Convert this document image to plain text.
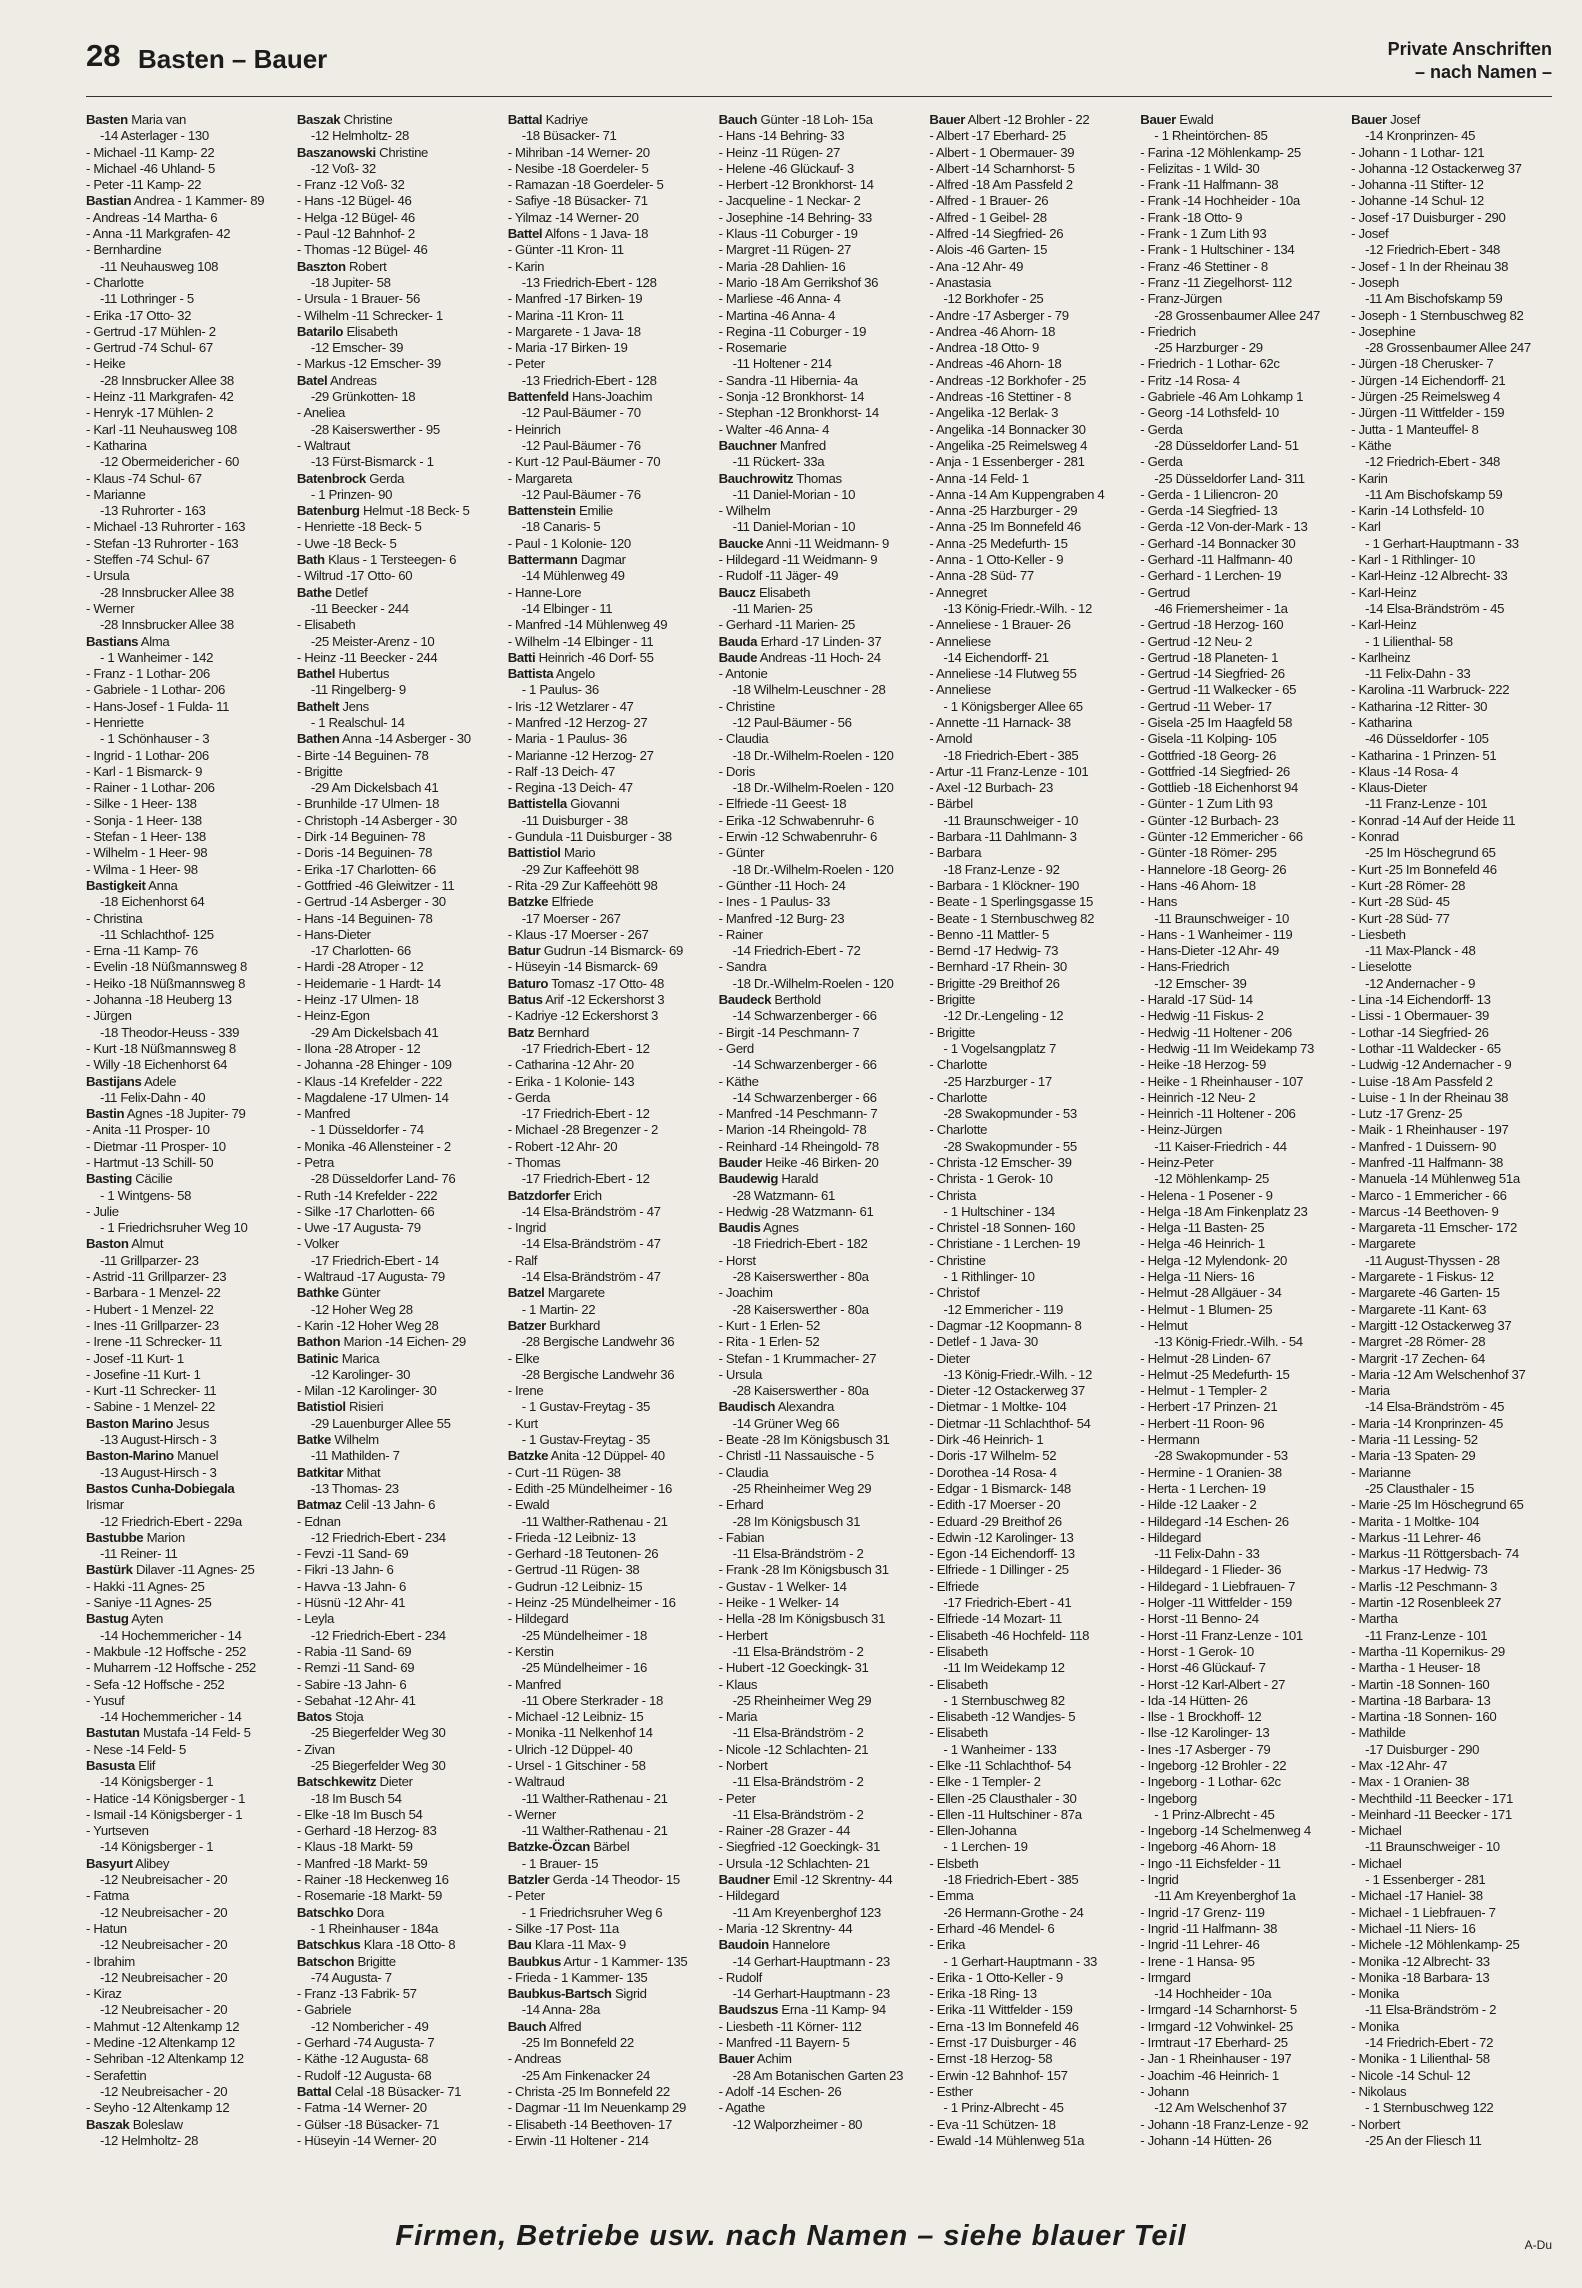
28 Basten – Bauer	Private Anschriften
– nach Namen –
Basten Maria van
-14 Asterlager - 130
- Michael -11 Kamp- 22
- Michael -46 Uhland- 5
- Peter -11 Kamp- 22
Bastian Andrea - 1 Kammer- 89
- Andreas -14 Martha- 6
- Anna -11 Markgrafen- 42
- Bernhardine
-11 Neuhausweg 108
- Charlotte
-11 Lothringer - 5
- Erika -17 Otto- 32
- Gertrud -17 Mühlen- 2
- Gertrud -74 Schul- 67
- Heike
-28 Innsbrucker Allee 38
- Heinz -11 Markgrafen- 42
- Henryk -17 Mühlen- 2
- Karl -11 Neuhausweg 108
- Katharina
-12 Obermeidericher - 60
- Klaus -74 Schul- 67
- Marianne
-13 Ruhrorter - 163
- Michael -13 Ruhrorter - 163
- Stefan -13 Ruhrorter - 163
- Steffen -74 Schul- 67
- Ursula
-28 Innsbrucker Allee 38
- Werner
-28 Innsbrucker Allee 38
Bastians Alma
- 1 Wanheimer - 142
- Franz - 1 Lothar- 206
- Gabriele - 1 Lothar- 206
- Hans-Josef - 1 Fulda- 11
- Henriette
- 1 Schönhauser - 3
- Ingrid - 1 Lothar- 206
- Karl - 1 Bismarck- 9
- Rainer - 1 Lothar- 206
- Silke - 1 Heer- 138
- Sonja - 1 Heer- 138
- Stefan - 1 Heer- 138
- Wilhelm - 1 Heer- 98
- Wilma - 1 Heer- 98
Bastigkeit Anna
-18 Eichenhorst 64
- Christina
-11 Schlachthof- 125
- Erna -11 Kamp- 76
- Evelin -18 Nüßmannsweg 8
- Heiko -18 Nüßmannsweg 8
- Johanna -18 Heuberg 13
- Jürgen
-18 Theodor-Heuss - 339
- Kurt -18 Nüßmannsweg 8
- Willy -18 Eichenhorst 64
Bastijans Adele
-11 Felix-Dahn - 40
Bastin Agnes -18 Jupiter- 79
- Anita -11 Prosper- 10
- Dietmar -11 Prosper- 10
- Hartmut -13 Schill- 50
Basting Cäcilie
- 1 Wintgens- 58
- Julie
- 1 Friedrichsruher Weg 10
Baston Almut
-11 Grillparzer- 23
- Astrid -11 Grillparzer- 23
- Barbara - 1 Menzel- 22
- Hubert - 1 Menzel- 22
- Ines -11 Grillparzer- 23
- Irene -11 Schrecker- 11
- Josef -11 Kurt- 1
- Josefine -11 Kurt- 1
- Kurt -11 Schrecker- 11
- Sabine - 1 Menzel- 22
Baston Marino Jesus
-13 August-Hirsch - 3
Baston-Marino Manuel
-13 August-Hirsch - 3
Bastos Cunha-Dobiegala
Irismar
-12 Friedrich-Ebert - 229a
Bastubbe Marion
-11 Reiner- 11
Bastürk Dilaver -11 Agnes- 25
- Hakki -11 Agnes- 25
- Saniye -11 Agnes- 25
Bastug Ayten
-14 Hochemmericher - 14
- Makbule -12 Hoffsche - 252
- Muharrem -12 Hoffsche - 252
- Sefa -12 Hoffsche - 252
- Yusuf
-14 Hochemmericher - 14
Bastutan Mustafa -14 Feld- 5
- Nese -14 Feld- 5
Basusta Elif
-14 Königsberger - 1
- Hatice -14 Königsberger - 1
- Ismail -14 Königsberger - 1
- Yurtseven
-14 Königsberger - 1
Basyurt Alibey
-12 Neubreisacher - 20
- Fatma
-12 Neubreisacher - 20
- Hatun
-12 Neubreisacher - 20
- Ibrahim
-12 Neubreisacher - 20
- Kiraz
-12 Neubreisacher - 20
- Mahmut -12 Altenkamp 12
- Medine -12 Altenkamp 12
- Sehriban -12 Altenkamp 12
- Serafettin
-12 Neubreisacher - 20
- Seyho -12 Altenkamp 12
Baszak Boleslaw
-12 Helmholtz- 28
Baszak Christine
-12 Helmholtz- 28
Baszanowski Christine
-12 Voß- 32
- Franz -12 Voß- 32
- Hans -12 Bügel- 46
- Helga -12 Bügel- 46
- Paul -12 Bahnhof- 2
- Thomas -12 Bügel- 46
Baszton Robert
-18 Jupiter- 58
- Ursula - 1 Brauer- 56
- Wilhelm -11 Schrecker- 1
Batarilo Elisabeth
-12 Emscher- 39
- Markus -12 Emscher- 39
Batel Andreas
-29 Grünkotten- 18
- Aneliea
-28 Kaiserswerther - 95
- Waltraut
-13 Fürst-Bismarck - 1
Batenbrock Gerda
- 1 Prinzen- 90
Batenburg Helmut -18 Beck- 5
- Henriette -18 Beck- 5
- Uwe -18 Beck- 5
Bath Klaus - 1 Tersteegen- 6
- Wiltrud -17 Otto- 60
Bathe Detlef
-11 Beecker - 244
- Elisabeth
-25 Meister-Arenz - 10
- Heinz -11 Beecker - 244
Bathel Hubertus
-11 Ringelberg- 9
Bathelt Jens
- 1 Realschul- 14
Bathen Anna -14 Asberger - 30
- Birte -14 Beguinen- 78
- Brigitte
-29 Am Dickelsbach 41
- Brunhilde -17 Ulmen- 18
- Christoph -14 Asberger - 30
- Dirk -14 Beguinen- 78
- Doris -14 Beguinen- 78
- Erika -17 Charlotten- 66
- Gottfried -46 Gleiwitzer - 11
- Gertrud -14 Asberger - 30
- Hans -14 Beguinen- 78
- Hans-Dieter
-17 Charlotten- 66
- Hardi -28 Atroper - 12
- Heidemarie - 1 Hardt- 14
- Heinz -17 Ulmen- 18
- Heinz-Egon
-29 Am Dickelsbach 41
- Ilona -28 Atroper - 12
- Johanna -28 Ehinger - 109
- Klaus -14 Krefelder - 222
- Magdalene -17 Ulmen- 14
- Manfred
- 1 Düsseldorfer - 74
- Monika -46 Allensteiner - 2
- Petra
-28 Düsseldorfer Land- 76
- Ruth -14 Krefelder - 222
- Silke -17 Charlotten- 66
- Uwe -17 Augusta- 79
- Volker
-17 Friedrich-Ebert - 14
- Waltraud -17 Augusta- 79
Bathke Günter
-12 Hoher Weg 28
- Karin -12 Hoher Weg 28
Bathon Marion -14 Eichen- 29
Batinic Marica
-12 Karolinger- 30
- Milan -12 Karolinger- 30
Batistiol Risieri
-29 Lauenburger Allee 55
Batke Wilhelm
-11 Mathilden- 7
Batkitar Mithat
-13 Thomas- 23
Batmaz Celil -13 Jahn- 6
- Ednan
-12 Friedrich-Ebert - 234
- Fevzi -11 Sand- 69
- Fikri -13 Jahn- 6
- Havva -13 Jahn- 6
- Hüsnü -12 Ahr- 41
- Leyla
-12 Friedrich-Ebert - 234
- Rabia -11 Sand- 69
- Remzi -11 Sand- 69
- Sabire -13 Jahn- 6
- Sebahat -12 Ahr- 41
Batos Stoja
-25 Biegerfelder Weg 30
- Zivan
-25 Biegerfelder Weg 30
Batschkewitz Dieter
-18 Im Busch 54
- Elke -18 Im Busch 54
- Gerhard -18 Herzog- 83
- Klaus -18 Markt- 59
- Manfred -18 Markt- 59
- Rainer -18 Heckenweg 16
- Rosemarie -18 Markt- 59
Batschko Dora
- 1 Rheinhauser - 184a
Batschkus Klara -18 Otto- 8
Batschon Brigitte
-74 Augusta- 7
- Franz -13 Fabrik- 57
- Gabriele
-12 Nombericher - 49
- Gerhard -74 Augusta- 7
- Käthe -12 Augusta- 68
- Rudolf -12 Augusta- 68
Battal Celal -18 Büsacker- 71
- Fatma -14 Werner- 20
- Gülser -18 Büsacker- 71
- Hüseyin -14 Werner- 20
Battal Kadriye
-18 Büsacker- 71
- Mihriban -14 Werner- 20
- Nesibe -18 Goerdeler- 5
- Ramazan -18 Goerdeler- 5
- Safiye -18 Büsacker- 71
- Yilmaz -14 Werner- 20
Battel Alfons - 1 Java- 18
- Günter -11 Kron- 11
- Karin
-13 Friedrich-Ebert - 128
- Manfred -17 Birken- 19
- Marina -11 Kron- 11
- Margarete - 1 Java- 18
- Maria -17 Birken- 19
- Peter
-13 Friedrich-Ebert - 128
Battenfeld Hans-Joachim
-12 Paul-Bäumer - 70
- Heinrich
-12 Paul-Bäumer - 76
- Kurt -12 Paul-Bäumer - 70
- Margareta
-12 Paul-Bäumer - 76
Battenstein Emilie
-18 Canaris- 5
- Paul - 1 Kolonie- 120
Battermann Dagmar
-14 Mühlenweg 49
- Hanne-Lore
-14 Elbinger - 11
- Manfred -14 Mühlenweg 49
- Wilhelm -14 Elbinger - 11
Batti Heinrich -46 Dorf- 55
Battista Angelo
- 1 Paulus- 36
- Iris -12 Wetzlarer - 47
- Manfred -12 Herzog- 27
- Maria - 1 Paulus- 36
- Marianne -12 Herzog- 27
- Ralf -13 Deich- 47
- Regina -13 Deich- 47
Battistella Giovanni
-11 Duisburger - 38
- Gundula -11 Duisburger - 38
Battistiol Mario
-29 Zur Kaffeehött 98
- Rita -29 Zur Kaffeehött 98
Batzke Elfriede
-17 Moerser - 267
- Klaus -17 Moerser - 267
Batur Gudrun -14 Bismarck- 69
- Hüseyin -14 Bismarck- 69
Baturo Tomasz -17 Otto- 48
Batus Arif -12 Eckershorst 3
- Kadriye -12 Eckershorst 3
Batz Bernhard
-17 Friedrich-Ebert - 12
- Catharina -12 Ahr- 20
- Erika - 1 Kolonie- 143
- Gerda
-17 Friedrich-Ebert - 12
- Michael -28 Bregenzer - 2
- Robert -12 Ahr- 20
- Thomas
-17 Friedrich-Ebert - 12
Batzdorfer Erich
-14 Elsa-Brändström - 47
- Ingrid
-14 Elsa-Brändström - 47
- Ralf
-14 Elsa-Brändström - 47
Batzel Margarete
- 1 Martin- 22
Batzer Burkhard
-28 Bergische Landwehr 36
- Elke
-28 Bergische Landwehr 36
- Irene
- 1 Gustav-Freytag - 35
- Kurt
- 1 Gustav-Freytag - 35
Batzke Anita -12 Düppel- 40
- Curt -11 Rügen- 38
- Edith -25 Mündelheimer - 16
- Ewald
-11 Walther-Rathenau - 21
- Frieda -12 Leibniz- 13
- Gerhard -18 Teutonen- 26
- Gertrud -11 Rügen- 38
- Gudrun -12 Leibniz- 15
- Heinz -25 Mündelheimer - 16
- Hildegard
-25 Mündelheimer - 18
- Kerstin
-25 Mündelheimer - 16
- Manfred
-11 Obere Sterkrader - 18
- Michael -12 Leibniz- 15
- Monika -11 Nelkenhof 14
- Ulrich -12 Düppel- 40
- Ursel - 1 Gitschiner - 58
- Waltraud
-11 Walther-Rathenau - 21
- Werner
-11 Walther-Rathenau - 21
Batzke-Özcan Bärbel
- 1 Brauer- 15
Batzler Gerda -14 Theodor- 15
- Peter
- 1 Friedrichsruher Weg 6
- Silke -17 Post- 11a
Bau Klara -11 Max- 9
Baubkus Artur - 1 Kammer- 135
- Frieda - 1 Kammer- 135
Baubkus-Bartsch Sigrid
-14 Anna- 28a
Bauch Alfred
-25 Im Bonnefeld 22
- Andreas
-25 Am Finkenacker 24
- Christa -25 Im Bonnefeld 22
- Dagmar -11 Im Neuenkamp 29
- Elisabeth -14 Beethoven- 17
- Erwin -11 Holtener - 214
Bauch Günter -18 Loh- 15a
- Hans -14 Behring- 33
- Heinz -11 Rügen- 27
- Helene -46 Glückauf- 3
- Herbert -12 Bronkhorst- 14
- Jacqueline - 1 Neckar- 2
- Josephine -14 Behring- 33
- Klaus -11 Coburger - 19
- Margret -11 Rügen- 27
- Maria -28 Dahlien- 16
- Mario -18 Am Gerrikshof 36
- Marliese -46 Anna- 4
- Martina -46 Anna- 4
- Regina -11 Coburger - 19
- Rosemarie
-11 Holtener - 214
- Sandra -11 Hibernia- 4a
- Sonja -12 Bronkhorst- 14
- Stephan -12 Bronkhorst- 14
- Walter -46 Anna- 4
Bauchner Manfred
-11 Rückert- 33a
Bauchrowitz Thomas
-11 Daniel-Morian - 10
- Wilhelm
-11 Daniel-Morian - 10
Baucke Anni -11 Weidmann- 9
- Hildegard -11 Weidmann- 9
- Rudolf -11 Jäger- 49
Baucz Elisabeth
-11 Marien- 25
- Gerhard -11 Marien- 25
Bauda Erhard -17 Linden- 37
Baude Andreas -11 Hoch- 24
- Antonie
-18 Wilhelm-Leuschner - 28
- Christine
-12 Paul-Bäumer - 56
- Claudia
-18 Dr.-Wilhelm-Roelen - 120
- Doris
-18 Dr.-Wilhelm-Roelen - 120
- Elfriede -11 Geest- 18
- Erika -12 Schwabenruhr- 6
- Erwin -12 Schwabenruhr- 6
- Günter
-18 Dr.-Wilhelm-Roelen - 120
- Günther -11 Hoch- 24
- Ines - 1 Paulus- 33
- Manfred -12 Burg- 23
- Rainer
-14 Friedrich-Ebert - 72
- Sandra
-18 Dr.-Wilhelm-Roelen - 120
Baudeck Berthold
-14 Schwarzenberger - 66
- Birgit -14 Peschmann- 7
- Gerd
-14 Schwarzenberger - 66
- Käthe
-14 Schwarzenberger - 66
- Manfred -14 Peschmann- 7
- Marion -14 Rheingold- 78
- Reinhard -14 Rheingold- 78
Bauder Heike -46 Birken- 20
Baudewig Harald
-28 Watzmann- 61
- Hedwig -28 Watzmann- 61
Baudis Agnes
-18 Friedrich-Ebert - 182
- Horst
-28 Kaiserswerther - 80a
- Joachim
-28 Kaiserswerther - 80a
- Kurt - 1 Erlen- 52
- Rita - 1 Erlen- 52
- Stefan - 1 Krummacher- 27
- Ursula
-28 Kaiserswerther - 80a
Baudisch Alexandra
-14 Grüner Weg 66
- Beate -28 Im Königsbusch 31
- Christl -11 Nassauische - 5
- Claudia
-25 Rheinheimer Weg 29
- Erhard
-28 Im Königsbusch 31
- Fabian
-11 Elsa-Brändström - 2
- Frank -28 Im Königsbusch 31
- Gustav - 1 Welker- 14
- Heike - 1 Welker- 14
- Hella -28 Im Königsbusch 31
- Herbert
-11 Elsa-Brändström - 2
- Hubert -12 Goeckingk- 31
- Klaus
-25 Rheinheimer Weg 29
- Maria
-11 Elsa-Brändström - 2
- Nicole -12 Schlachten- 21
- Norbert
-11 Elsa-Brändström - 2
- Peter
-11 Elsa-Brändström - 2
- Rainer -28 Grazer - 44
- Siegfried -12 Goeckingk- 31
- Ursula -12 Schlachten- 21
Baudner Emil -12 Skrentny- 44
- Hildegard
-11 Am Kreyenberghof 123
- Maria -12 Skrentny- 44
Baudoin Hannelore
-14 Gerhart-Hauptmann - 23
- Rudolf
-14 Gerhart-Hauptmann - 23
Baudszus Erna -11 Kamp- 94
- Liesbeth -11 Körner- 112
- Manfred -11 Bayern- 5
Bauer Achim
-28 Am Botanischen Garten 23
- Adolf -14 Eschen- 26
- Agathe
-12 Walporzheimer - 80
Bauer Albert -12 Brohler - 22
- Albert -17 Eberhard- 25
- Albert - 1 Obermauer- 39
- Albert -14 Scharnhorst- 5
- Alfred -18 Am Passfeld 2
- Alfred - 1 Brauer- 26
- Alfred - 1 Geibel- 28
- Alfred -14 Siegfried- 26
- Alois -46 Garten- 15
- Ana -12 Ahr- 49
- Anastasia
-12 Borkhofer - 25
- Andre -17 Asberger - 79
- Andrea -46 Ahorn- 18
- Andrea -18 Otto- 9
- Andreas -46 Ahorn- 18
- Andreas -12 Borkhofer - 25
- Andreas -16 Stettiner - 8
- Angelika -12 Berlak- 3
- Angelika -14 Bonnacker 30
- Angelika -25 Reimelsweg 4
- Anja - 1 Essenberger - 281
- Anna -14 Feld- 1
- Anna -14 Am Kuppengraben 4
- Anna -25 Harzburger - 29
- Anna -25 Im Bonnefeld 46
- Anna -25 Medefurth- 15
- Anna - 1 Otto-Keller - 9
- Anna -28 Süd- 77
- Annegret
-13 König-Friedr.-Wilh. - 12
- Anneliese - 1 Brauer- 26
- Anneliese
-14 Eichendorff- 21
- Anneliese -14 Flutweg 55
- Anneliese
- 1 Königsberger Allee 65
- Annette -11 Harnack- 38
- Arnold
-18 Friedrich-Ebert - 385
- Artur -11 Franz-Lenze - 101
- Axel -12 Burbach- 23
- Bärbel
-11 Braunschweiger - 10
- Barbara -11 Dahlmann- 3
- Barbara
-18 Franz-Lenze - 92
- Barbara - 1 Klöckner- 190
- Beate - 1 Sperlingsgasse 15
- Beate - 1 Sternbuschweg 82
- Benno -11 Mattler- 5
- Bernd -17 Hedwig- 73
- Bernhard -17 Rhein- 30
- Brigitte -29 Breithof 26
- Brigitte
-12 Dr.-Lengeling - 12
- Brigitte
- 1 Vogelsangplatz 7
- Charlotte
-25 Harzburger - 17
- Charlotte
-28 Swakopmunder - 53
- Charlotte
-28 Swakopmunder - 55
- Christa -12 Emscher- 39
- Christa - 1 Gerok- 10
- Christa
- 1 Hultschiner - 134
- Christel -18 Sonnen- 160
- Christiane - 1 Lerchen- 19
- Christine
- 1 Rithlinger- 10
- Christof
-12 Emmericher - 119
- Dagmar -12 Koopmann- 8
- Detlef - 1 Java- 30
- Dieter
-13 König-Friedr.-Wilh. - 12
- Dieter -12 Ostackerweg 37
- Dietmar - 1 Moltke- 104
- Dietmar -11 Schlachthof- 54
- Dirk -46 Heinrich- 1
- Doris -17 Wilhelm- 52
- Dorothea -14 Rosa- 4
- Edgar - 1 Bismarck- 148
- Edith -17 Moerser - 20
- Eduard -29 Breithof 26
- Edwin -12 Karolinger- 13
- Egon -14 Eichendorff- 13
- Elfriede - 1 Dillinger - 25
- Elfriede
-17 Friedrich-Ebert - 41
- Elfriede -14 Mozart- 11
- Elisabeth -46 Hochfeld- 118
- Elisabeth
-11 Im Weidekamp 12
- Elisabeth
- 1 Sternbuschweg 82
- Elisabeth -12 Wandjes- 5
- Elisabeth
- 1 Wanheimer - 133
- Elke -11 Schlachthof- 54
- Elke - 1 Templer- 2
- Ellen -25 Clausthaler - 30
- Ellen -11 Hultschiner - 87a
- Ellen-Johanna
- 1 Lerchen- 19
- Elsbeth
-18 Friedrich-Ebert - 385
- Emma
-26 Hermann-Grothe - 24
- Erhard -46 Mendel- 6
- Erika
- 1 Gerhart-Hauptmann - 33
- Erika - 1 Otto-Keller - 9
- Erika -18 Ring- 13
- Erika -11 Wittfelder - 159
- Erna -13 Im Bonnefeld 46
- Ernst -17 Duisburger - 46
- Ernst -18 Herzog- 58
- Erwin -12 Bahnhof- 157
- Esther
- 1 Prinz-Albrecht - 45
- Eva -11 Schützen- 18
- Ewald -14 Mühlenweg 51a
Bauer Ewald
- 1 Rheintörchen- 85
- Farina -12 Möhlenkamp- 25
- Felizitas - 1 Wild- 30
- Frank -11 Halfmann- 38
- Frank -14 Hochheider - 10a
- Frank -18 Otto- 9
- Frank - 1 Zum Lith 93
- Frank - 1 Hultschiner - 134
- Franz -46 Stettiner - 8
- Franz -11 Ziegelhorst- 112
- Franz-Jürgen
-28 Grossenbaumer Allee 247
- Friedrich
-25 Harzburger - 29
- Friedrich - 1 Lothar- 62c
- Fritz -14 Rosa- 4
- Gabriele -46 Am Lohkamp 1
- Georg -14 Lothsfeld- 10
- Gerda
-28 Düsseldorfer Land- 51
- Gerda
-25 Düsseldorfer Land- 311
- Gerda - 1 Liliencron- 20
- Gerda -14 Siegfried- 13
- Gerda -12 Von-der-Mark - 13
- Gerhard -14 Bonnacker 30
- Gerhard -11 Halfmann- 40
- Gerhard - 1 Lerchen- 19
- Gertrud
-46 Friemersheimer - 1a
- Gertrud -18 Herzog- 160
- Gertrud -12 Neu- 2
- Gertrud -18 Planeten- 1
- Gertrud -14 Siegfried- 26
- Gertrud -11 Walkecker - 65
- Gertrud -11 Weber- 17
- Gisela -25 Im Haagfeld 58
- Gisela -11 Kolping- 105
- Gottfried -18 Georg- 26
- Gottfried -14 Siegfried- 26
- Gottlieb -18 Eichenhorst 94
- Günter - 1 Zum Lith 93
- Günter -12 Burbach- 23
- Günter -12 Emmericher - 66
- Günter -18 Römer- 295
- Hannelore -18 Georg- 26
- Hans -46 Ahorn- 18
- Hans
-11 Braunschweiger - 10
- Hans - 1 Wanheimer - 119
- Hans-Dieter -12 Ahr- 49
- Hans-Friedrich
-12 Emscher- 39
- Harald -17 Süd- 14
- Hedwig -11 Fiskus- 2
- Hedwig -11 Holtener - 206
- Hedwig -11 Im Weidekamp 73
- Heike -18 Herzog- 59
- Heike - 1 Rheinhauser - 107
- Heinrich -12 Neu- 2
- Heinrich -11 Holtener - 206
- Heinz-Jürgen
-11 Kaiser-Friedrich - 44
- Heinz-Peter
-12 Möhlenkamp- 25
- Helena - 1 Posener - 9
- Helga -18 Am Finkenplatz 23
- Helga -11 Basten- 25
- Helga -46 Heinrich- 1
- Helga -12 Mylendonk- 20
- Helga -11 Niers- 16
- Helmut -28 Allgäuer - 34
- Helmut - 1 Blumen- 25
- Helmut
-13 König-Friedr.-Wilh. - 54
- Helmut -28 Linden- 67
- Helmut -25 Medefurth- 15
- Helmut - 1 Templer- 2
- Herbert -17 Prinzen- 21
- Herbert -11 Roon- 96
- Hermann
-28 Swakopmunder - 53
- Hermine - 1 Oranien- 38
- Herta - 1 Lerchen- 19
- Hilde -12 Laaker - 2
- Hildegard -14 Eschen- 26
- Hildegard
-11 Felix-Dahn - 33
- Hildegard - 1 Flieder- 36
- Hildegard - 1 Liebfrauen- 7
- Holger -11 Wittfelder - 159
- Horst -11 Benno- 24
- Horst -11 Franz-Lenze - 101
- Horst - 1 Gerok- 10
- Horst -46 Glückauf- 7
- Horst -12 Karl-Albert - 27
- Ida -14 Hütten- 26
- Ilse - 1 Brockhoff- 12
- Ilse -12 Karolinger- 13
- Ines -17 Asberger - 79
- Ingeborg -12 Brohler - 22
- Ingeborg - 1 Lothar- 62c
- Ingeborg
- 1 Prinz-Albrecht - 45
- Ingeborg -14 Schelmenweg 4
- Ingeborg -46 Ahorn- 18
- Ingo -11 Eichsfelder - 11
- Ingrid
-11 Am Kreyenberghof 1a
- Ingrid -17 Grenz- 119
- Ingrid -11 Halfmann- 38
- Ingrid -11 Lehrer- 46
- Irene - 1 Hansa- 95
- Irmgard
-14 Hochheider - 10a
- Irmgard -14 Scharnhorst- 5
- Irmgard -12 Vohwinkel- 25
- Irmtraut -17 Eberhard- 25
- Jan - 1 Rheinhauser - 197
- Joachim -46 Heinrich- 1
- Johann
-12 Am Welschenhof 37
- Johann -18 Franz-Lenze - 92
- Johann -14 Hütten- 26
Bauer Josef
-14 Kronprinzen- 45
- Johann - 1 Lothar- 121
- Johanna -12 Ostackerweg 37
- Johanna -11 Stifter- 12
- Johanne -14 Schul- 12
- Josef -17 Duisburger - 290
- Josef
-12 Friedrich-Ebert - 348
- Josef - 1 In der Rheinau 38
- Joseph
-11 Am Bischofskamp 59
- Joseph - 1 Sternbuschweg 82
- Josephine
-28 Grossenbaumer Allee 247
- Jürgen -18 Cherusker- 7
- Jürgen -14 Eichendorff- 21
- Jürgen -25 Reimelsweg 4
- Jürgen -11 Wittfelder - 159
- Jutta - 1 Manteuffel- 8
- Käthe
-12 Friedrich-Ebert - 348
- Karin
-11 Am Bischofskamp 59
- Karin -14 Lothsfeld- 10
- Karl
- 1 Gerhart-Hauptmann - 33
- Karl - 1 Rithlinger- 10
- Karl-Heinz -12 Albrecht- 33
- Karl-Heinz
-14 Elsa-Brändström - 45
- Karl-Heinz
- 1 Lilienthal- 58
- Karlheinz
-11 Felix-Dahn - 33
- Karolina -11 Warbruck- 222
- Katharina -12 Ritter- 30
- Katharina
-46 Düsseldorfer - 105
- Katharina - 1 Prinzen- 51
- Klaus -14 Rosa- 4
- Klaus-Dieter
-11 Franz-Lenze - 101
- Konrad -14 Auf der Heide 11
- Konrad
-25 Im Höschegrund 65
- Kurt -25 Im Bonnefeld 46
- Kurt -28 Römer- 28
- Kurt -28 Süd- 45
- Kurt -28 Süd- 77
- Liesbeth
-11 Max-Planck - 48
- Lieselotte
-12 Andernacher - 9
- Lina -14 Eichendorff- 13
- Lissi - 1 Obermauer- 39
- Lothar -14 Siegfried- 26
- Lothar -11 Waldecker - 65
- Ludwig -12 Andernacher - 9
- Luise -18 Am Passfeld 2
- Luise - 1 In der Rheinau 38
- Lutz -17 Grenz- 25
- Maik - 1 Rheinhauser - 197
- Manfred - 1 Duissern- 90
- Manfred -11 Halfmann- 38
- Manuela -14 Mühlenweg 51a
- Marco - 1 Emmericher - 66
- Marcus -14 Beethoven- 9
- Margareta -11 Emscher- 172
- Margarete
-11 August-Thyssen - 28
- Margarete - 1 Fiskus- 12
- Margarete -46 Garten- 15
- Margarete -11 Kant- 63
- Margitt -12 Ostackerweg 37
- Margret -28 Römer- 28
- Margrit -17 Zechen- 64
- Maria -12 Am Welschenhof 37
- Maria
-14 Elsa-Brändström - 45
- Maria -14 Kronprinzen- 45
- Maria -11 Lessing- 52
- Maria -13 Spaten- 29
- Marianne
-25 Clausthaler - 15
- Marie -25 Im Höschegrund 65
- Marita - 1 Moltke- 104
- Markus -11 Lehrer- 46
- Markus -11 Röttgersbach- 74
- Markus -17 Hedwig- 73
- Marlis -12 Peschmann- 3
- Martin -12 Rosenbleek 27
- Martha
-11 Franz-Lenze - 101
- Martha -11 Kopernikus- 29
- Martha - 1 Heuser- 18
- Martin -18 Sonnen- 160
- Martina -18 Barbara- 13
- Martina -18 Sonnen- 160
- Mathilde
-17 Duisburger - 290
- Max -12 Ahr- 47
- Max - 1 Oranien- 38
- Mechthild -11 Beecker - 171
- Meinhard -11 Beecker - 171
- Michael
-11 Braunschweiger - 10
- Michael
- 1 Essenberger - 281
- Michael -17 Haniel- 38
- Michael - 1 Liebfrauen- 7
- Michael -11 Niers- 16
- Michele -12 Möhlenkamp- 25
- Monika -12 Albrecht- 33
- Monika -18 Barbara- 13
- Monika
-11 Elsa-Brändström - 2
- Monika
-14 Friedrich-Ebert - 72
- Monika - 1 Lilienthal- 58
- Nicole -14 Schul- 12
- Nikolaus
- 1 Sternbuschweg 122
- Norbert
-25 An der Fliesch 11
Firmen, Betriebe usw. nach Namen – siehe blauer Teil	A-Du
